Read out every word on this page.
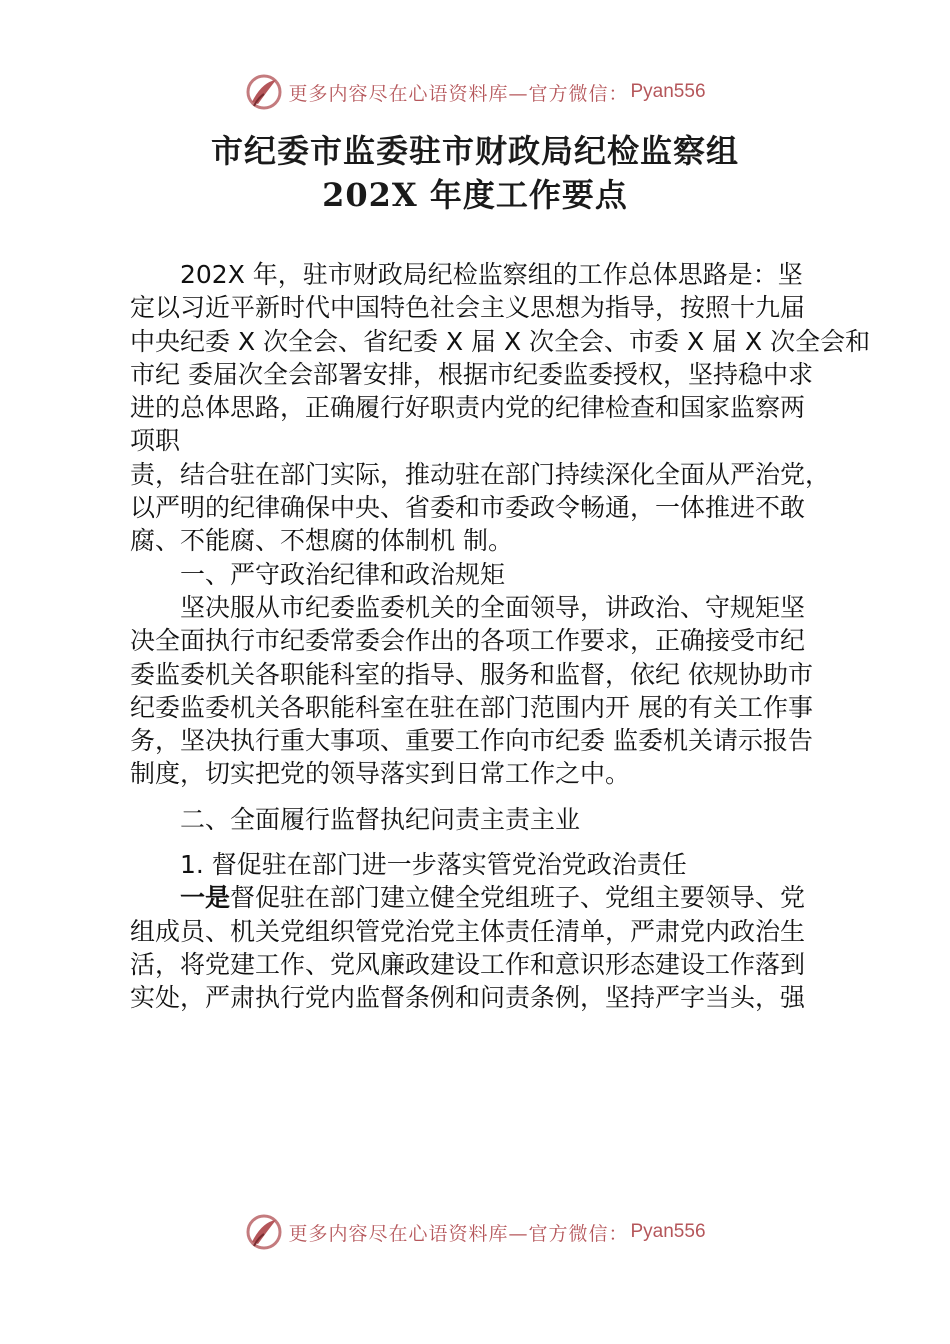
更多内容尽在心语资料库—官方微信： Pyan556
市纪委市监委驻市财政局纪检监察组
202X 年度工作要点
202X 年，驻市财政局纪检监察组的工作总体思路是：坚
定以习近平新时代中国特色社会主义思想为指导，按照十九届
中央纪委 X 次全会、省纪委 X 届 X 次全会、市委 X 届 X 次全会和
市纪 委届次全会部署安排，根据市纪委监委授权，坚持稳中求
进的总体思路，正确履行好职责内党的纪律检查和国家监察两
项职
责，结合驻在部门实际，推动驻在部门持续深化全面从严治党，
以严明的纪律确保中央、省委和市委政令畅通，一体推进不敢
腐、不能腐、不想腐的体制机 制。
一、严守政治纪律和政治规矩
坚决服从市纪委监委机关的全面领导，讲政治、守规矩坚
决全面执行市纪委常委会作出的各项工作要求，正确接受市纪
委监委机关各职能科室的指导、服务和监督，依纪 依规协助市
纪委监委机关各职能科室在驻在部门范围内开 展的有关工作事
务，坚决执行重大事项、重要工作向市纪委 监委机关请示报告
制度，切实把党的领导落实到日常工作之中。
二、全面履行监督执纪问责主责主业
1. 督促驻在部门进一步落实管党治党政治责任
一是督促驻在部门建立健全党组班子、党组主要领导、党
组成员、机关党组织管党治党主体责任清单，严肃党内政治生
活，将党建工作、党风廉政建设工作和意识形态建设工作落到
实处，严肃执行党内监督条例和问责条例，坚持严字当头，强
更多内容尽在心语资料库—官方微信： Pyan556
